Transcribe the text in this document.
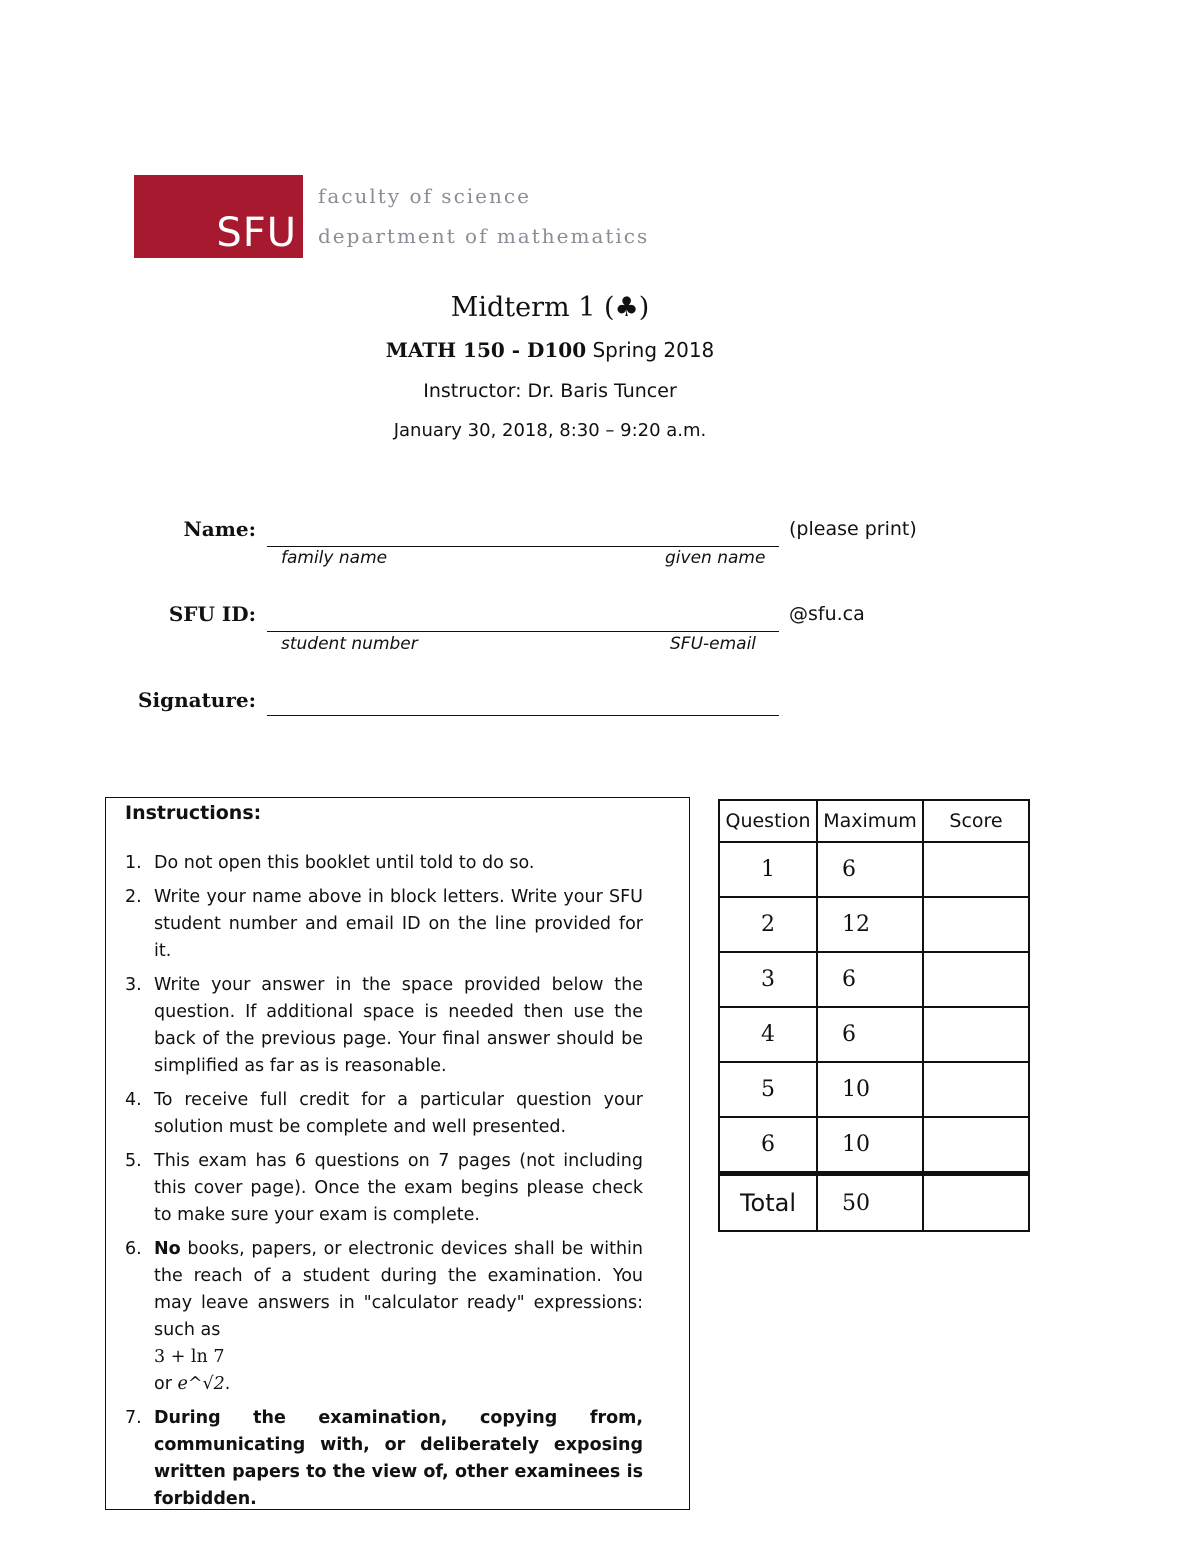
SFU
faculty of science
department of mathematics
Midterm 1 (♣)
MATH 150 - D100 Spring 2018
Instructor: Dr. Baris Tuncer
January 30, 2018, 8:30 – 9:20 a.m.
Name:	(please print)
family name	given name
SFU ID:	@sfu.ca
student number	SFU-email
Signature:
Instructions:
1. Do not open this booklet until told to do so.
2. Write your name above in block letters. Write your SFU student number and email ID on the line provided for it.
3. Write your answer in the space provided below the question. If additional space is needed then use the back of the previous page. Your final answer should be simplified as far as is reasonable.
4. To receive full credit for a particular question your solution must be complete and well presented.
5. This exam has 6 questions on 7 pages (not including this cover page). Once the exam begins please check to make sure your exam is complete.
6. No books, papers, or electronic devices shall be within the reach of a student during the examination. You may leave answers in "calculator ready" expressions: such as
3 + ln 7
or e^√2.
7. During the examination, copying from, communicating with, or deliberately exposing written papers to the view of, other examinees is forbidden.
Question	Maximum	Score
1	6	
2	12	
3	6	
4	6	
5	10	
6	10	
Total	50	
